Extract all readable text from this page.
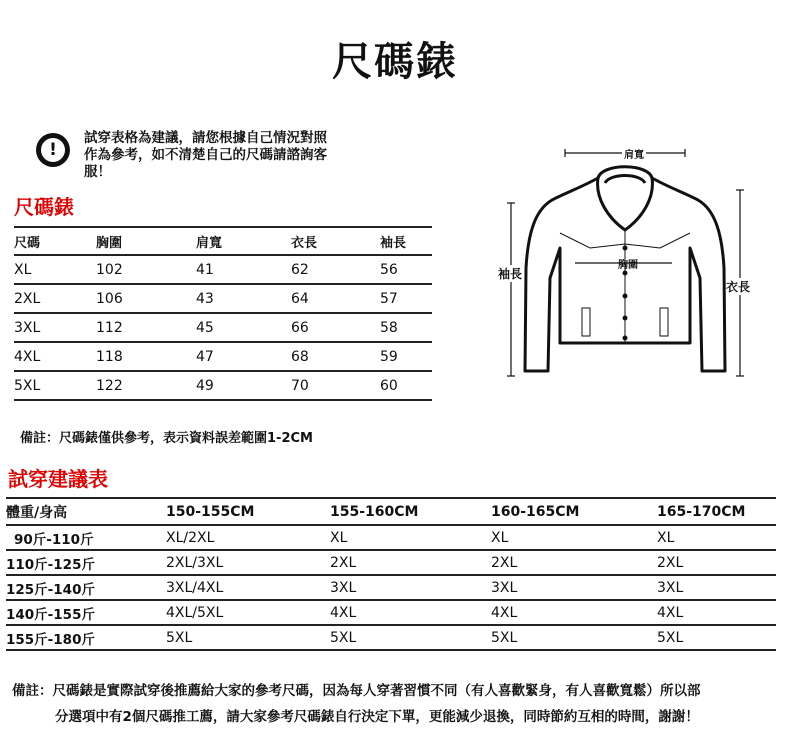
尺碼錶
!
試穿表格為建議，請您根據自己情況對照
作為參考，如不清楚自己的尺碼請諮詢客
服！
尺碼錶
尺碼	胸圍	肩寬	衣長	袖長
XL	102	41	62	56
2XL	106	43	64	57
3XL	112	45	66	58
4XL	118	47	68	59
5XL	122	49	70	60
備註：尺碼錶僅供參考，表示資料誤差範圍1-2CM
肩寬
胸圍
袖長
衣長
試穿建議表
體重/身高	150-155CM	155-160CM	160-165CM	165-170CM
90斤-110斤	XL/2XL	XL	XL	XL
110斤-125斤	2XL/3XL	2XL	2XL	2XL
125斤-140斤	3XL/4XL	3XL	3XL	3XL
140斤-155斤	4XL/5XL	4XL	4XL	4XL
155斤-180斤	5XL	5XL	5XL	5XL
備註：尺碼錶是實際試穿後推薦給大家的參考尺碼，因為每人穿著習慣不同（有人喜歡緊身，有人喜歡寬鬆）所以部
分選項中有2個尺碼推工薦，請大家參考尺碼錶自行決定下單，更能減少退換，同時節約互相的時間，謝謝！
